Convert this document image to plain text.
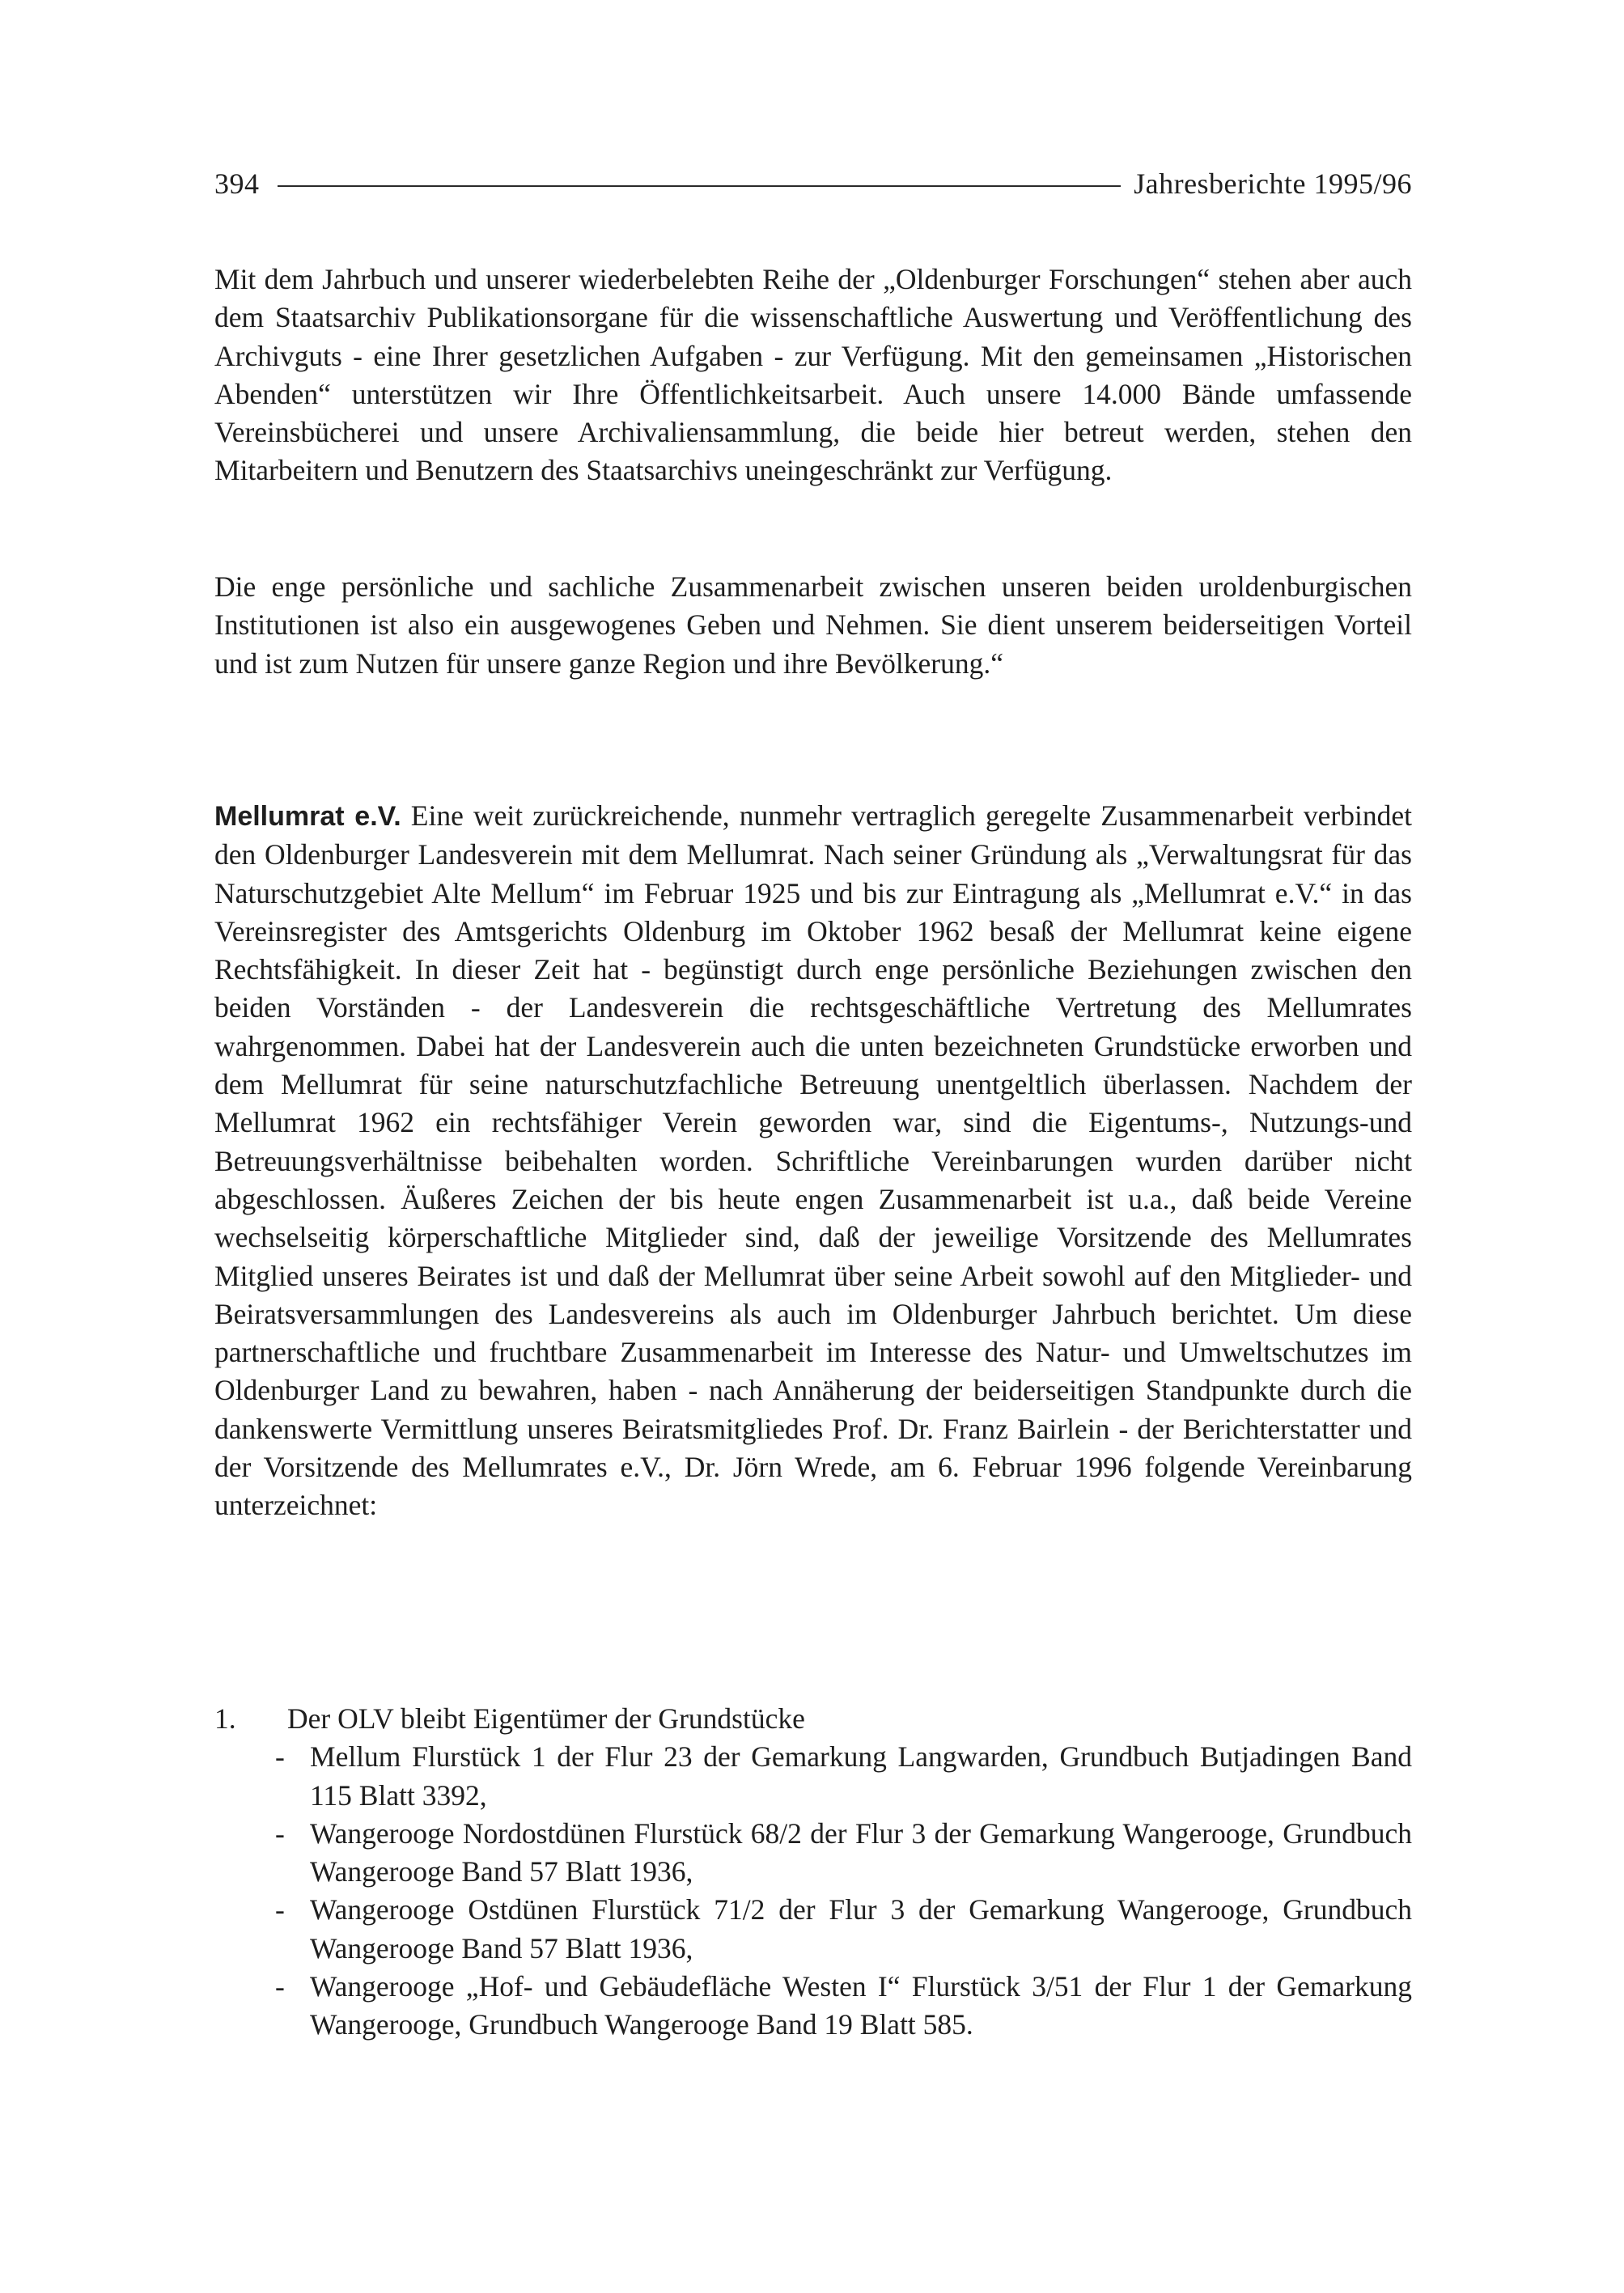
394	Jahresberichte 1995/96

Mit dem Jahrbuch und unserer wiederbelebten Reihe der „Oldenburger Forschungen“ stehen aber auch dem Staatsarchiv Publikationsorgane für die wissenschaftliche Auswertung und Veröffentlichung des Archivguts - eine Ihrer gesetzlichen Aufgaben - zur Verfügung. Mit den gemeinsamen „Historischen Abenden“ unterstützen wir Ihre Öffentlichkeitsarbeit. Auch unsere 14.000 Bände umfassende Vereinsbücherei und unsere Archivaliensammlung, die beide hier betreut werden, stehen den Mitarbeitern und Benutzern des Staatsarchivs uneingeschränkt zur Verfügung.

Die enge persönliche und sachliche Zusammenarbeit zwischen unseren beiden uroldenburgischen Institutionen ist also ein ausgewogenes Geben und Nehmen. Sie dient unserem beiderseitigen Vorteil und ist zum Nutzen für unsere ganze Region und ihre Bevölkerung.“

Mellumrat e.V. Eine weit zurückreichende, nunmehr vertraglich geregelte Zusammenarbeit verbindet den Oldenburger Landesverein mit dem Mellumrat. Nach seiner Gründung als „Verwaltungsrat für das Naturschutzgebiet Alte Mellum“ im Februar 1925 und bis zur Eintragung als „Mellumrat e.V.“ in das Vereinsregister des Amtsgerichts Oldenburg im Oktober 1962 besaß der Mellumrat keine eigene Rechtsfähigkeit. In dieser Zeit hat - begünstigt durch enge persönliche Beziehungen zwischen den beiden Vorständen - der Landesverein die rechtsgeschäftliche Vertretung des Mellumrates wahrgenommen. Dabei hat der Landesverein auch die unten bezeichneten Grundstücke erworben und dem Mellumrat für seine naturschutzfachliche Betreuung unentgeltlich überlassen. Nachdem der Mellumrat 1962 ein rechtsfähiger Verein geworden war, sind die Eigentums-, Nutzungs-und Betreuungsverhältnisse beibehalten worden. Schriftliche Vereinbarungen wurden darüber nicht abgeschlossen. Äußeres Zeichen der bis heute engen Zusammenarbeit ist u.a., daß beide Vereine wechselseitig körperschaftliche Mitglieder sind, daß der jeweilige Vorsitzende des Mellumrates Mitglied unseres Beirates ist und daß der Mellumrat über seine Arbeit sowohl auf den Mitglieder- und Beiratsversammlungen des Landesvereins als auch im Oldenburger Jahrbuch berichtet. Um diese partnerschaftliche und fruchtbare Zusammenarbeit im Interesse des Natur- und Umweltschutzes im Oldenburger Land zu bewahren, haben - nach Annäherung der beiderseitigen Standpunkte durch die dankenswerte Vermittlung unseres Beiratsmitgliedes Prof. Dr. Franz Bairlein - der Berichterstatter und der Vorsitzende des Mellumrates e.V., Dr. Jörn Wrede, am 6. Februar 1996 folgende Vereinbarung unterzeichnet:

1.	Der OLV bleibt Eigentümer der Grundstücke
- Mellum Flurstück 1 der Flur 23 der Gemarkung Langwarden, Grundbuch Butjadingen Band 115 Blatt 3392,
- Wangerooge Nordostdünen Flurstück 68/2 der Flur 3 der Gemarkung Wangerooge, Grundbuch Wangerooge Band 57 Blatt 1936,
- Wangerooge Ostdünen Flurstück 71/2 der Flur 3 der Gemarkung Wangerooge, Grundbuch Wangerooge Band 57 Blatt 1936,
- Wangerooge „Hof- und Gebäudefläche Westen I“ Flurstück 3/51 der Flur 1 der Gemarkung Wangerooge, Grundbuch Wangerooge Band 19 Blatt 585.
